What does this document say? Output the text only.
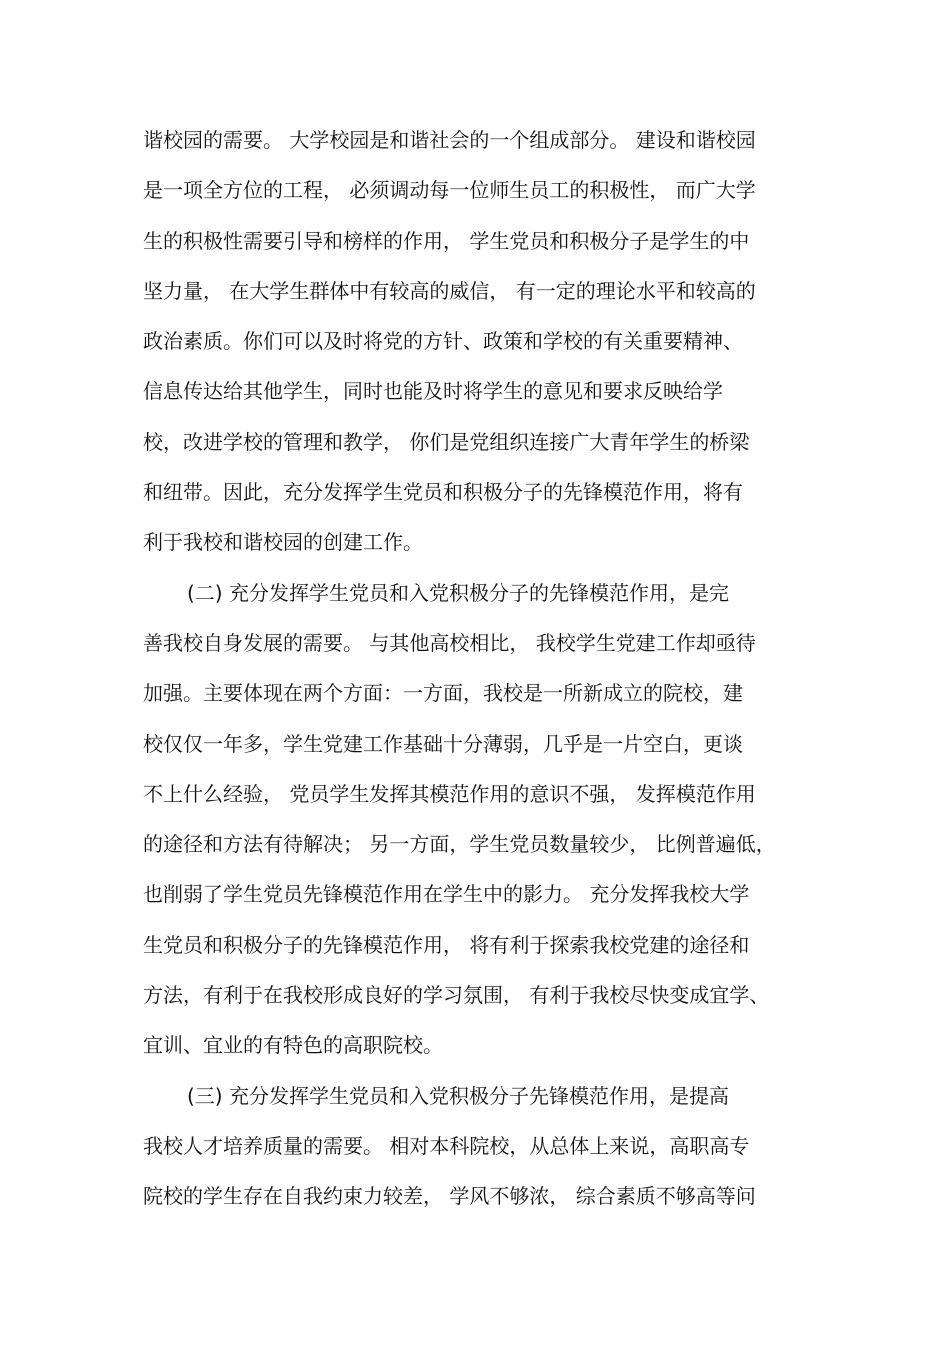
谐校园的需要。 大学校园是和谐社会的一个组成部分。 建设和谐校园
是一项全方位的工程， 必须调动每一位师生员工的积极性， 而广大学
生的积极性需要引导和榜样的作用， 学生党员和积极分子是学生的中
坚力量， 在大学生群体中有较高的威信， 有一定的理论水平和较高的
政治素质。你们可以及时将党的方针、政策和学校的有关重要精神、
信息传达给其他学生，同时也能及时将学生的意见和要求反映给学
校，改进学校的管理和教学， 你们是党组织连接广大青年学生的桥梁
和纽带。因此，充分发挥学生党员和积极分子的先锋模范作用，将有
利于我校和谐校园的创建工作。
(二) 充分发挥学生党员和入党积极分子的先锋模范作用，是完
善我校自身发展的需要。 与其他高校相比， 我校学生党建工作却亟待
加强。主要体现在两个方面：一方面，我校是一所新成立的院校，建
校仅仅一年多，学生党建工作基础十分薄弱，几乎是一片空白，更谈
不上什么经验， 党员学生发挥其模范作用的意识不强， 发挥模范作用
的途径和方法有待解决； 另一方面，学生党员数量较少， 比例普遍低，
也削弱了学生党员先锋模范作用在学生中的影力。 充分发挥我校大学
生党员和积极分子的先锋模范作用， 将有利于探索我校党建的途径和
方法，有利于在我校形成良好的学习氛围， 有利于我校尽快变成宜学、
宜训、宜业的有特色的高职院校。
(三) 充分发挥学生党员和入党积极分子先锋模范作用，是提高
我校人才培养质量的需要。 相对本科院校，从总体上来说，高职高专
院校的学生存在自我约束力较差， 学风不够浓， 综合素质不够高等问
